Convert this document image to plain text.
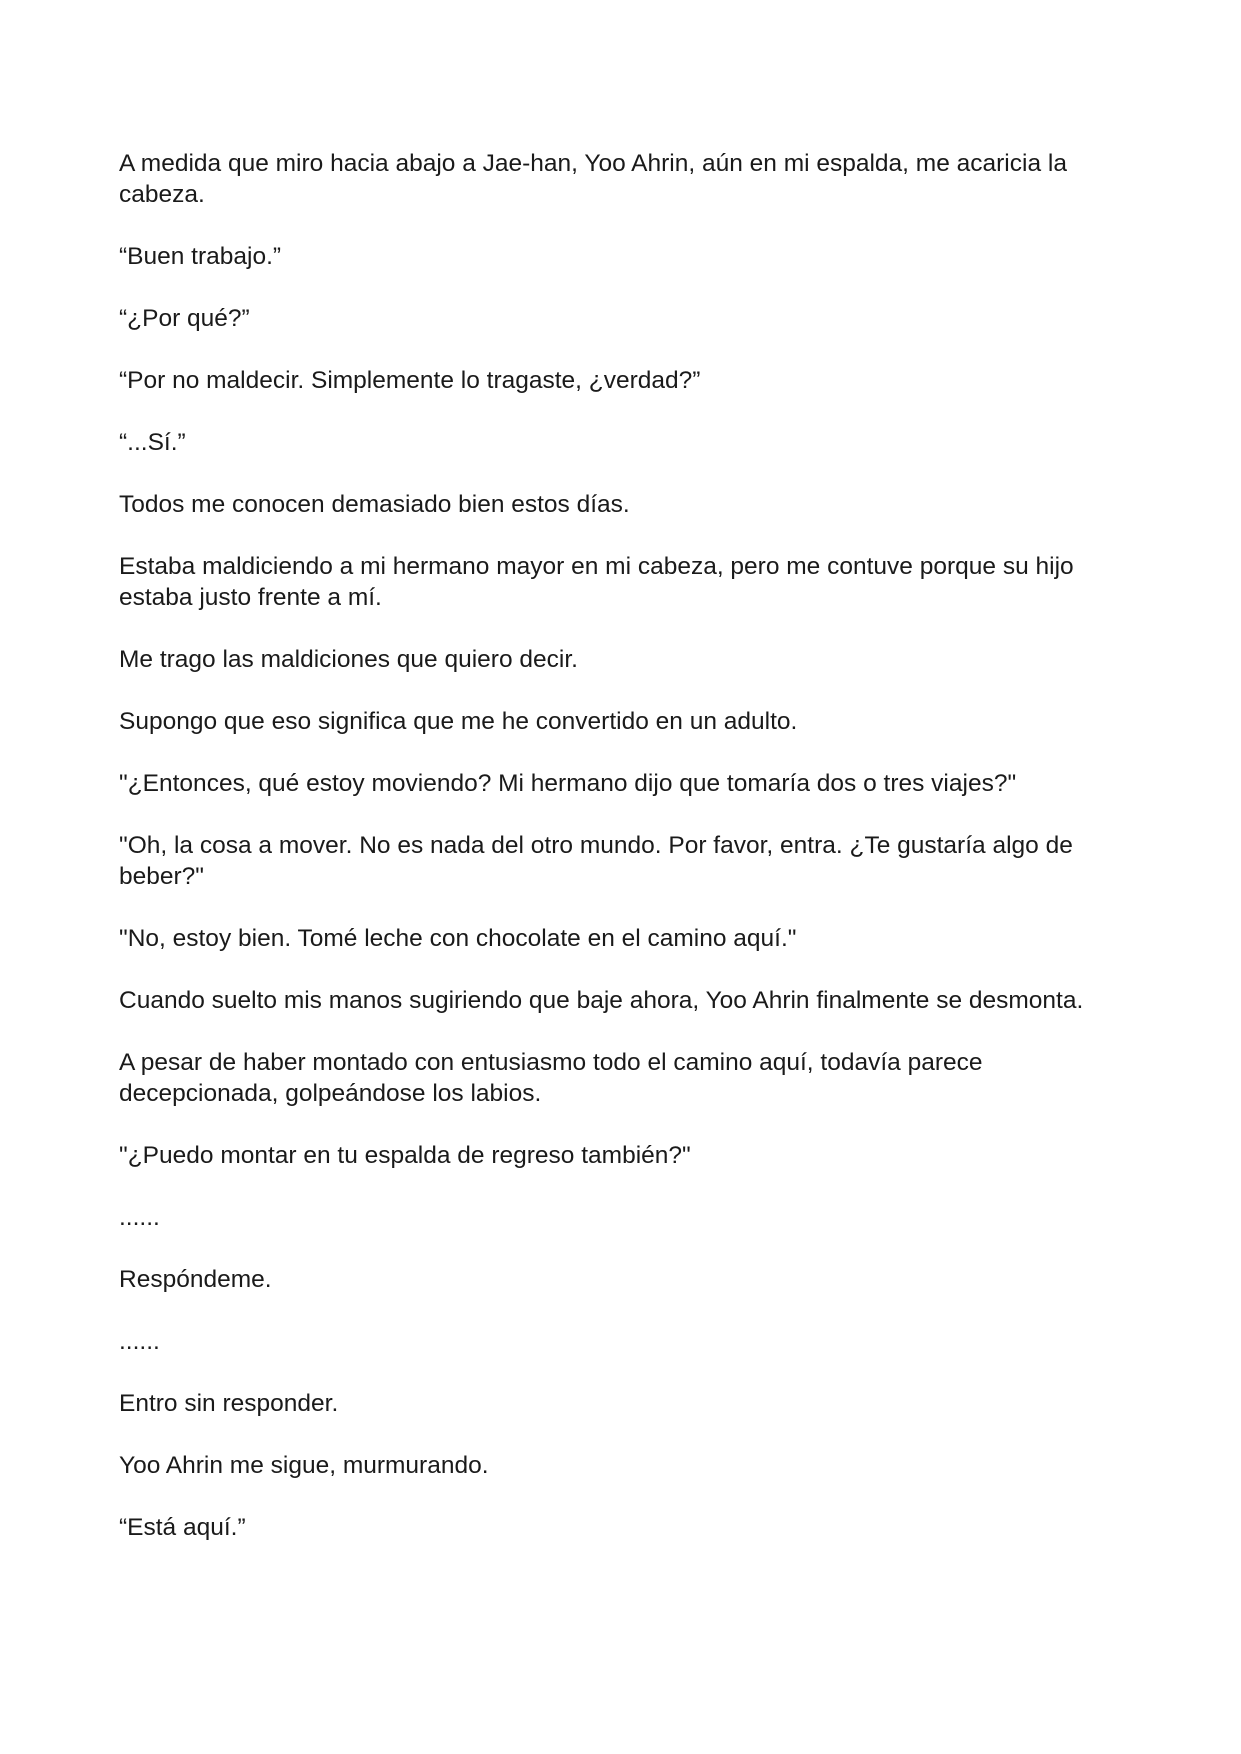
A medida que miro hacia abajo a Jae-han, Yoo Ahrin, aún en mi espalda, me acaricia la cabeza.

“Buen trabajo.”

“¿Por qué?”

“Por no maldecir. Simplemente lo tragaste, ¿verdad?”

“...Sí.”

Todos me conocen demasiado bien estos días.

Estaba maldiciendo a mi hermano mayor en mi cabeza, pero me contuve porque su hijo estaba justo frente a mí.

Me trago las maldiciones que quiero decir.

Supongo que eso significa que me he convertido en un adulto.

"¿Entonces, qué estoy moviendo? Mi hermano dijo que tomaría dos o tres viajes?"

"Oh, la cosa a mover. No es nada del otro mundo. Por favor, entra. ¿Te gustaría algo de beber?"

"No, estoy bien. Tomé leche con chocolate en el camino aquí."

Cuando suelto mis manos sugiriendo que baje ahora, Yoo Ahrin finalmente se desmonta.

A pesar de haber montado con entusiasmo todo el camino aquí, todavía parece decepcionada, golpeándose los labios.

"¿Puedo montar en tu espalda de regreso también?"

......

Respóndeme.

......

Entro sin responder.

Yoo Ahrin me sigue, murmurando.

“Está aquí.”
